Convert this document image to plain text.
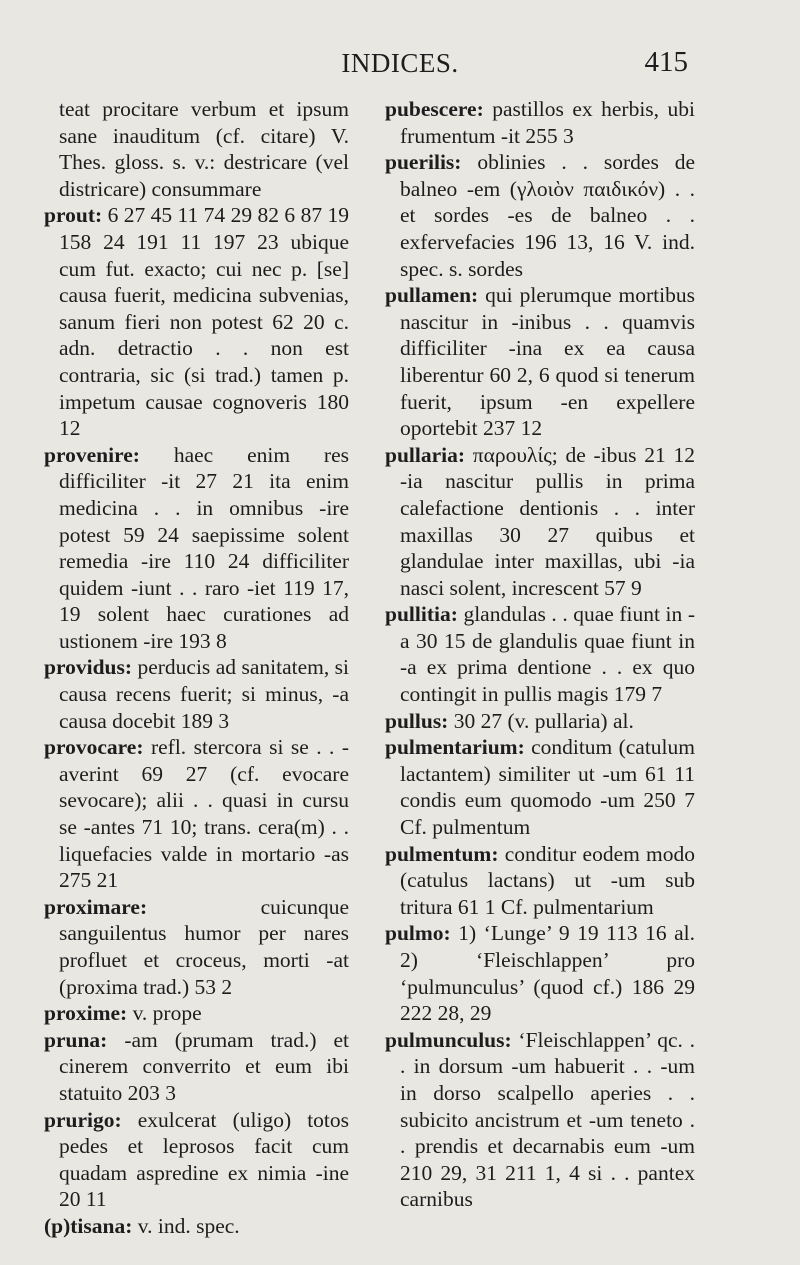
INDICES.	415

teat procitare verbum et ipsum sane inauditum (cf. citare) V. Thes. gloss. s. v.: destricare (vel districare) consummare

prout: 6 27 45 11 74 29 82 6 87 19 158 24 191 11 197 23 ubique cum fut. exacto; cui nec p. [se] causa fuerit, medicina subvenias, sanum fieri non potest 62 20 c. adn. detractio . . non est contraria, sic (si trad.) tamen p. impetum causae cognoveris 180 12

provenire: haec enim res difficiliter -it 27 21 ita enim medicina . . in omnibus -ire potest 59 24 saepissime solent remedia -ire 110 24 difficiliter quidem -iunt . . raro -iet 119 17, 19 solent haec curationes ad ustionem -ire 193 8

providus: perducis ad sanitatem, si causa recens fuerit; si minus, -a causa docebit 189 3

provocare: refl. stercora si se . . -averint 69 27 (cf. evocare sevocare); alii . . quasi in cursu se -antes 71 10; trans. cera(m) . . liquefacies valde in mortario -as 275 21

proximare:	cuicunque sanguilentus humor per nares profluet et croceus, morti -at (proxima trad.) 53 2

proxime: v. prope

pruna: -am (prumam trad.) et cinerem converrito et eum ibi statuito 203 3

prurigo: exulcerat (uligo) totos pedes et leprosos facit cum quadam aspredine ex nimia -ine 20 11

(p)tisana: v. ind. spec.

pubescere: pastillos ex herbis, ubi frumentum -it 255 3

puerilis: oblinies . . sordes de balneo -em (γλοιὸν παιδικόν) . . et sordes -es de balneo . . exfervefacies 196 13, 16 V. ind. spec. s. sordes

pullamen: qui plerumque mortibus nascitur in -inibus . . quamvis difficiliter -ina ex ea causa liberentur 60 2, 6 quod si tenerum fuerit, ipsum -en expellere oportebit 237 12

pullaria: παρουλίς; de -ibus 21 12 -ia nascitur pullis in prima calefactione dentionis . . inter maxillas 30 27 quibus et glandulae inter maxillas, ubi -ia nasci solent, increscent 57 9

pullitia: glandulas . . quae fiunt in -a 30 15 de glandulis quae fiunt in -a ex prima dentione . . ex quo contingit in pullis magis 179 7

pullus: 30 27 (v. pullaria) al.

pulmentarium: conditum (catulum lactantem) similiter ut -um 61 11 condis eum quomodo -um 250 7 Cf. pulmentum

pulmentum: conditur eodem modo (catulus lactans) ut -um sub tritura 61 1 Cf. pulmentarium

pulmo: 1) ‘Lunge’ 9 19 113 16 al. 2) ‘Fleischlappen’ pro ‘pulmunculus’ (quod cf.) 186 29 222 28, 29

pulmunculus: ‘Fleischlappen’ qc. . . in dorsum -um habuerit . . -um in dorso scalpello aperies . . subicito ancistrum et -um teneto . . prendis et decarnabis eum -um 210 29, 31 211 1, 4 si . . pantex carnibus
